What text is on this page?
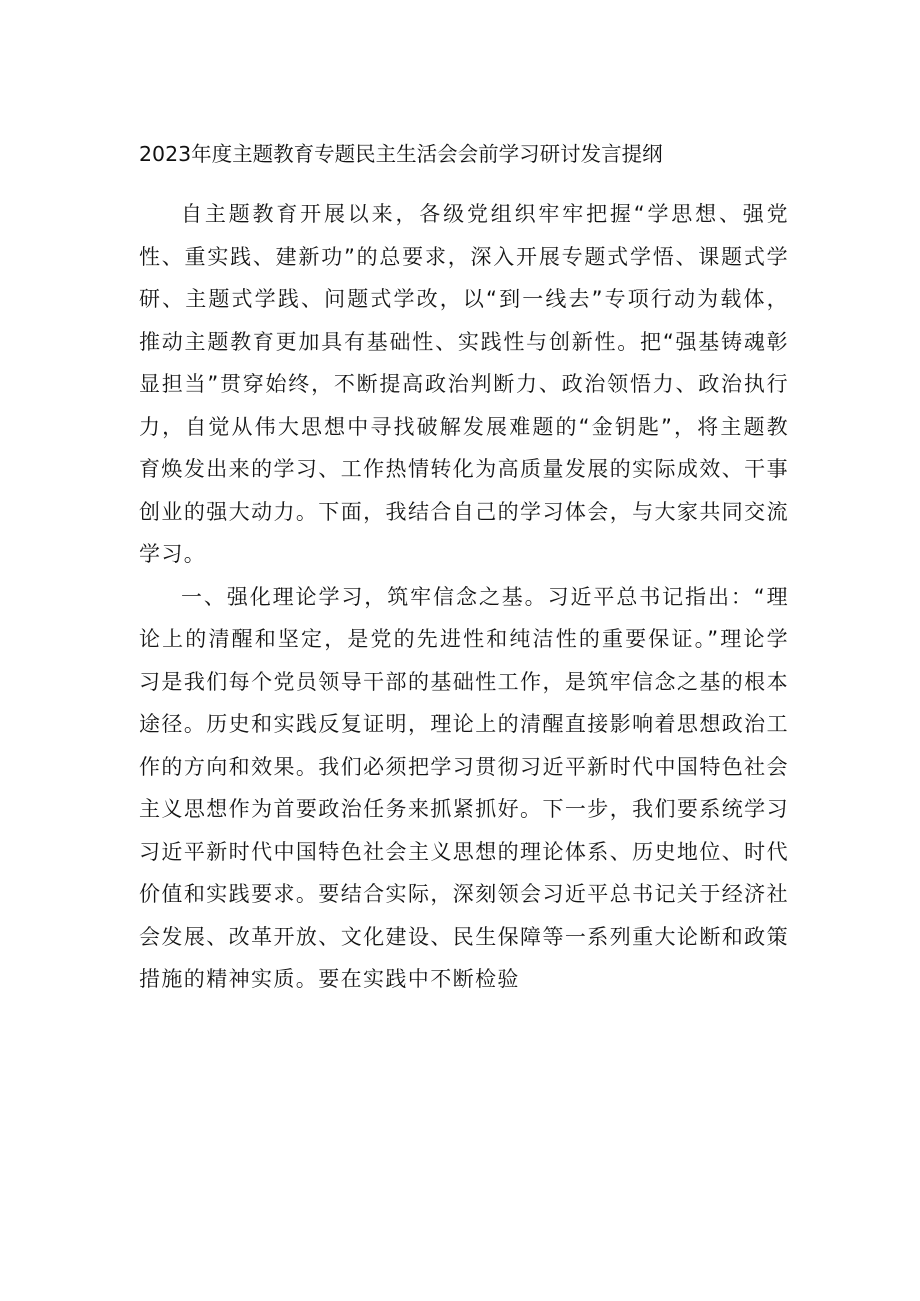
2023年度主题教育专题民主生活会会前学习研讨发言提纲

自主题教育开展以来，各级党组织牢牢把握“学思想、强党性、重实践、建新功”的总要求，深入开展专题式学悟、课题式学研、主题式学践、问题式学改，以“到一线去”专项行动为载体，推动主题教育更加具有基础性、实践性与创新性。把“强基铸魂彰显担当”贯穿始终，不断提高政治判断力、政治领悟力、政治执行力，自觉从伟大思想中寻找破解发展难题的“金钥匙”，将主题教育焕发出来的学习、工作热情转化为高质量发展的实际成效、干事创业的强大动力。下面，我结合自己的学习体会，与大家共同交流学习。

一、强化理论学习，筑牢信念之基。习近平总书记指出：“理论上的清醒和坚定，是党的先进性和纯洁性的重要保证。”理论学习是我们每个党员领导干部的基础性工作，是筑牢信念之基的根本途径。历史和实践反复证明，理论上的清醒直接影响着思想政治工作的方向和效果。我们必须把学习贯彻习近平新时代中国特色社会主义思想作为首要政治任务来抓紧抓好。下一步，我们要系统学习习近平新时代中国特色社会主义思想的理论体系、历史地位、时代价值和实践要求。要结合实际，深刻领会习近平总书记关于经济社会发展、改革开放、文化建设、民生保障等一系列重大论断和政策措施的精神实质。要在实践中不断检验
